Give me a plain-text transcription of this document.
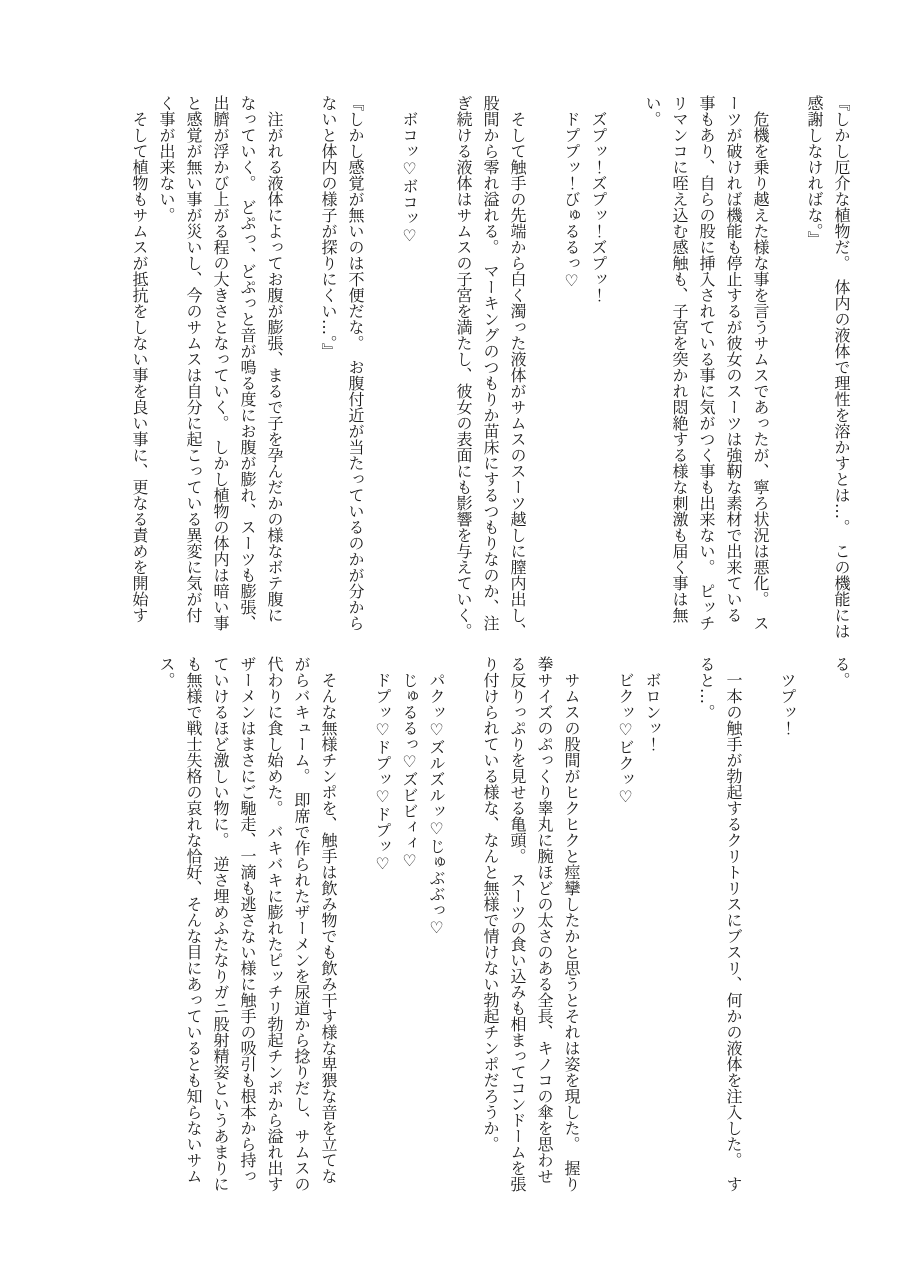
『しかし厄介な植物だ。　体内の液体で理性を溶かすとは…。　この機能には
感謝しなければな。』

　危機を乗り越えた様な事を言うサムスであったが、寧ろ状況は悪化。　ス
ーツが破ければ機能も停止するが彼女のスーツは強靭な素材で出来ている
事もあり、自らの股に挿入されている事に気がつく事も出来ない。　ピッチ
リマンコに咥え込む感触も、子宮を突かれ悶絶する様な刺激も届く事は無
い。

　ズプッ！ズプッ！ズプッ！
　ドププッ！びゅるるっ♡

　そして触手の先端から白く濁った液体がサムスのスーツ越しに膣内出し、
股間から零れ溢れる。　マーキングのつもりか苗床にするつもりなのか、注
ぎ続ける液体はサムスの子宮を満たし、彼女の表面にも影響を与えていく。

　ボコッ♡ボコッ♡

『しかし感覚が無いのは不便だな。　お腹付近が当たっているのかが分から
ないと体内の様子が探りにくい…。』

　注がれる液体によってお腹が膨張、まるで子を孕んだかの様なボテ腹に
なっていく。　どぷっ、どぷっと音が鳴る度にお腹が膨れ、スーツも膨張、
出臍が浮かび上がる程の大きさとなっていく。　しかし植物の体内は暗い事
と感覚が無い事が災いし、今のサムスは自分に起こっている異変に気が付
く事が出来ない。
　そして植物もサムスが抵抗をしない事を良い事に、更なる責めを開始す
る。

　ツプッ！

　一本の触手が勃起するクリトリスにブスリ、何かの液体を注入した。　す
ると…。

　ボロンッ！
　ビクッ♡ビクッ♡

　サムスの股間がヒクヒクと痙攣したかと思うとそれは姿を現した。　握り
拳サイズのぷっくり睾丸に腕ほどの太さのある全長、キノコの傘を思わせ
る反りっぷりを見せる亀頭。　スーツの食い込みも相まってコンドームを張
り付けられている様な、なんと無様で情けない勃起チンポだろうか。

　パクッ♡ズルズルッ♡じゅぶぶっ♡
　じゅるるっ♡ズビビィィ♡
　ドプッ♡ドプッ♡ドプッ♡

　そんな無様チンポを、触手は飲み物でも飲み干す様な卑猥な音を立てな
がらバキューム。　即席で作られたザーメンを尿道から捻りだし、サムスの
代わりに食し始めた。　バキバキに膨れたピッチリ勃起チンポから溢れ出す
ザーメンはまさにご馳走、一滴も逃さない様に触手の吸引も根本から持っ
ていけるほど激しい物に。　逆さ埋めふたなりガニ股射精姿というあまりに
も無様で戦士失格の哀れな恰好、そんな目にあっているとも知らないサム
ス。
